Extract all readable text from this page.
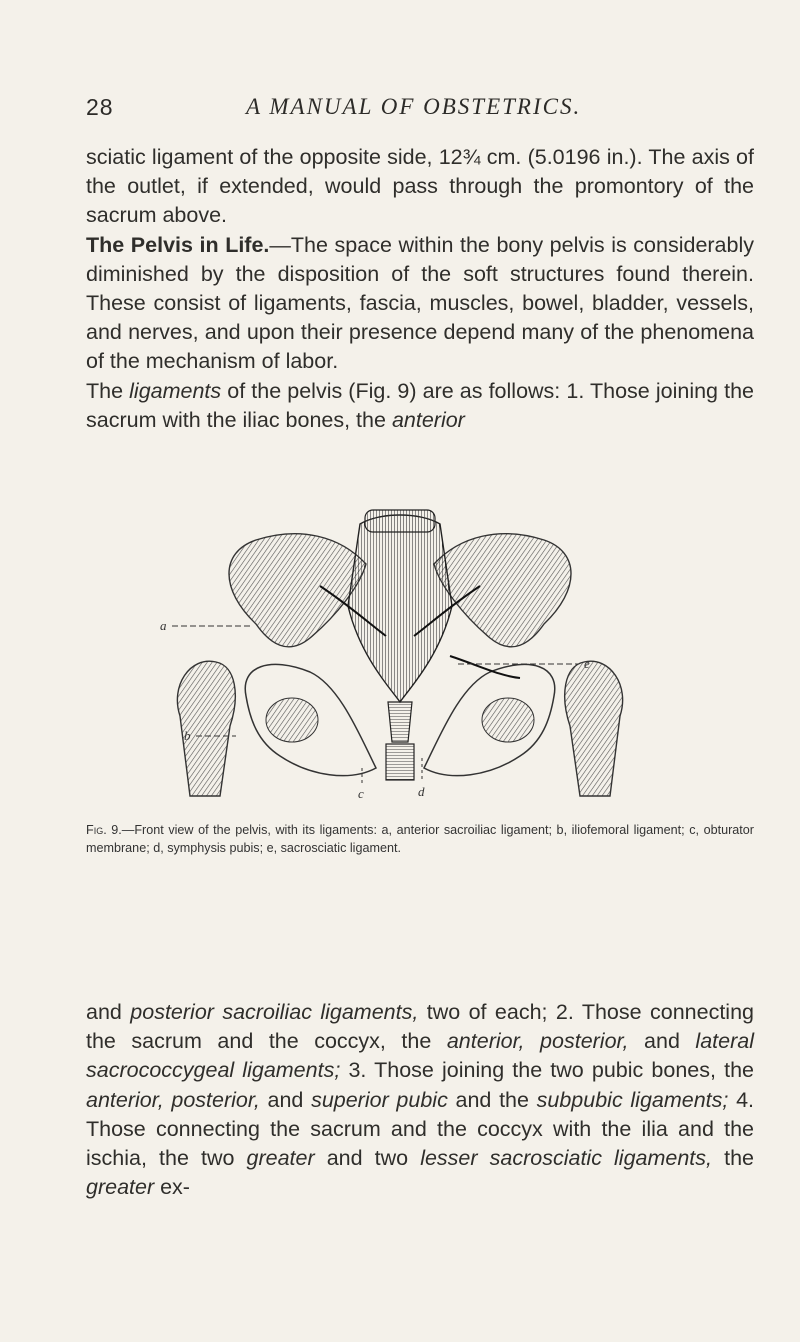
28	A MANUAL OF OBSTETRICS.

sciatic ligament of the opposite side, 12¾ cm. (5.0196 in.). The axis of the outlet, if extended, would pass through the promontory of the sacrum above.

The Pelvis in Life.—The space within the bony pelvis is considerably diminished by the disposition of the soft structures found therein. These consist of ligaments, fascia, muscles, bowel, bladder, vessels, and nerves, and upon their presence depend many of the phenomena of the mechanism of labor.

The ligaments of the pelvis (Fig. 9) are as follows: 1. Those joining the sacrum with the iliac bones, the anterior

a
b
c	d
e
Fig. 9.—Front view of the pelvis, with its ligaments: a, anterior sacroiliac ligament; b, iliofemoral ligament; c, obturator membrane; d, symphysis pubis; e, sacrosciatic ligament.

and posterior sacroiliac ligaments, two of each; 2. Those connecting the sacrum and the coccyx, the anterior, posterior, and lateral sacrococcygeal ligaments; 3. Those joining the two pubic bones, the anterior, posterior, and superior pubic and the subpubic ligaments; 4. Those connecting the sacrum and the coccyx with the ilia and the ischia, the two greater and two lesser sacrosciatic ligaments, the greater ex-
